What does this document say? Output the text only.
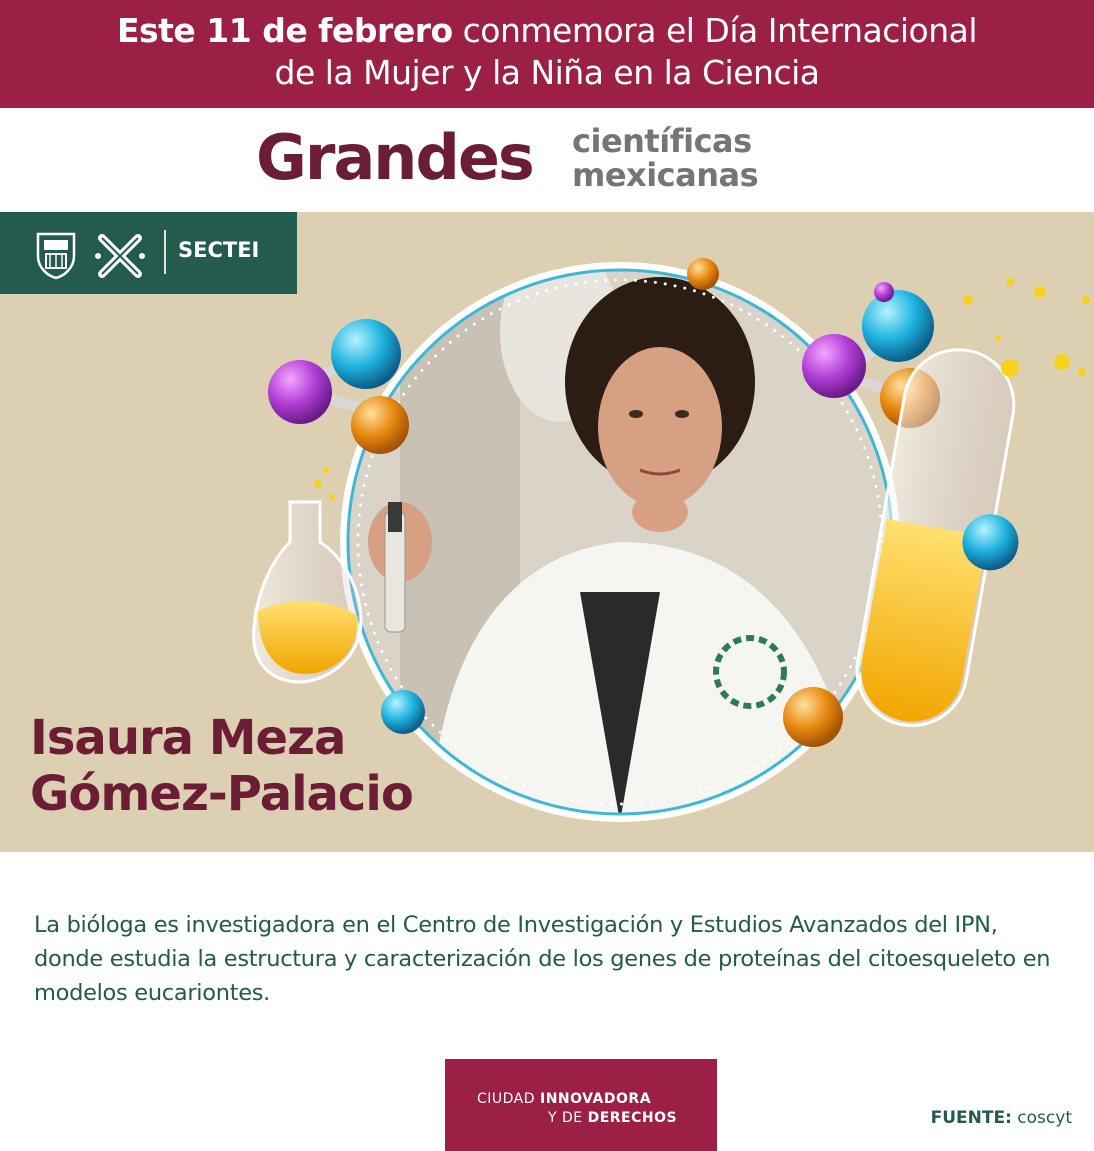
Este 11 de febrero conmemora el Día Internacional
de la Mujer y la Niña en la Ciencia
Grandes científicas
mexicanas
SECTEI
Isaura Meza
Gómez-Palacio
La bióloga es investigadora en el Centro de Investigación y Estudios Avanzados del IPN, donde estudia la estructura y caracterización de los genes de proteínas del citoesqueleto en modelos eucariontes.
CIUDAD INNOVADORA
Y DE DERECHOS	FUENTE: coscyt
